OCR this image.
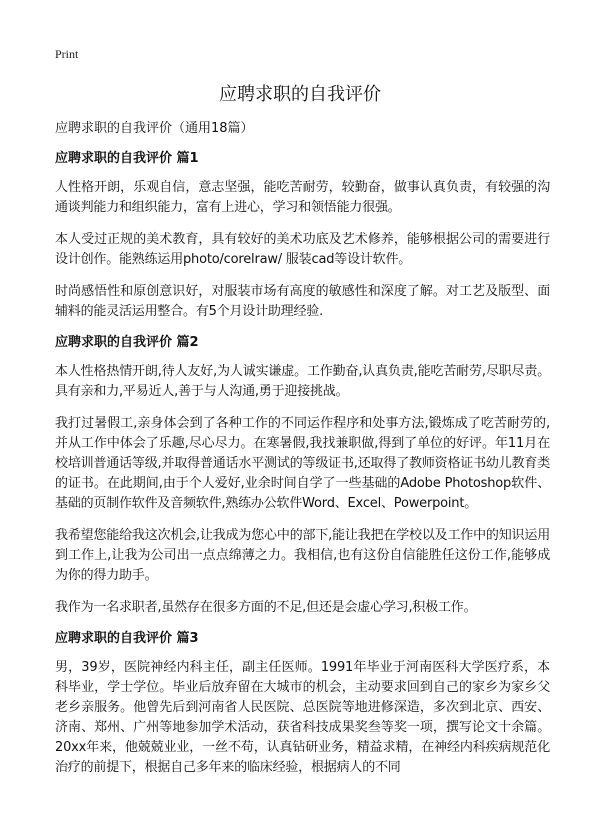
Print
应聘求职的自我评价

应聘求职的自我评价（通用18篇）

应聘求职的自我评价 篇1

人性格开朗，乐观自信，意志坚强，能吃苦耐劳，较勤奋，做事认真负责，有较强的沟通谈判能力和组织能力，富有上进心，学习和领悟能力很强。

本人受过正规的美术教育，具有较好的美术功底及艺术修养，能够根据公司的需要进行设计创作。能熟练运用photo/corelraw/ 服装cad等设计软件。

时尚感悟性和原创意识好，对服装市场有高度的敏感性和深度了解。对工艺及版型、面辅料的能灵活运用整合。有5个月设计助理经验.

应聘求职的自我评价 篇2

本人性格热情开朗,待人友好,为人诚实谦虚。工作勤奋,认真负责,能吃苦耐劳,尽职尽责。具有亲和力,平易近人,善于与人沟通,勇于迎接挑战。

我打过暑假工,亲身体会到了各种工作的不同运作程序和处事方法,锻炼成了吃苦耐劳的,并从工作中体会了乐趣,尽心尽力。在寒暑假,我找兼职做,得到了单位的好评。年11月在校培训普通话等级,并取得普通话水平测试的等级证书,还取得了教师资格证书幼儿教育类的证书。在此期间,由于个人爱好,业余时间自学了一些基础的Adobe Photoshop软件、基础的页制作软件及音频软件,熟练办公软件Word、Excel、Powerpoint。

我希望您能给我这次机会,让我成为您心中的部下,能让我把在学校以及工作中的知识运用到工作上,让我为公司出一点点绵薄之力。我相信,也有这份自信能胜任这份工作,能够成为你的得力助手。

我作为一名求职者,虽然存在很多方面的不足,但还是会虚心学习,积极工作。

应聘求职的自我评价 篇3

男，39岁，医院神经内科主任，副主任医师。1991年毕业于河南医科大学医疗系，本科毕业，学士学位。毕业后放弃留在大城市的机会，主动要求回到自己的家乡为家乡父老乡亲服务。他曾先后到河南省人民医院、总医院等地进修深造，多次到北京、西安、济南、郑州、广州等地参加学术活动，获省科技成果奖叁等奖一项，撰写论文十余篇。20xx年来，他兢兢业业，一丝不苟，认真钻研业务，精益求精，在神经内科疾病规范化治疗的前提下，根据自己多年来的临床经验，根据病人的不同
